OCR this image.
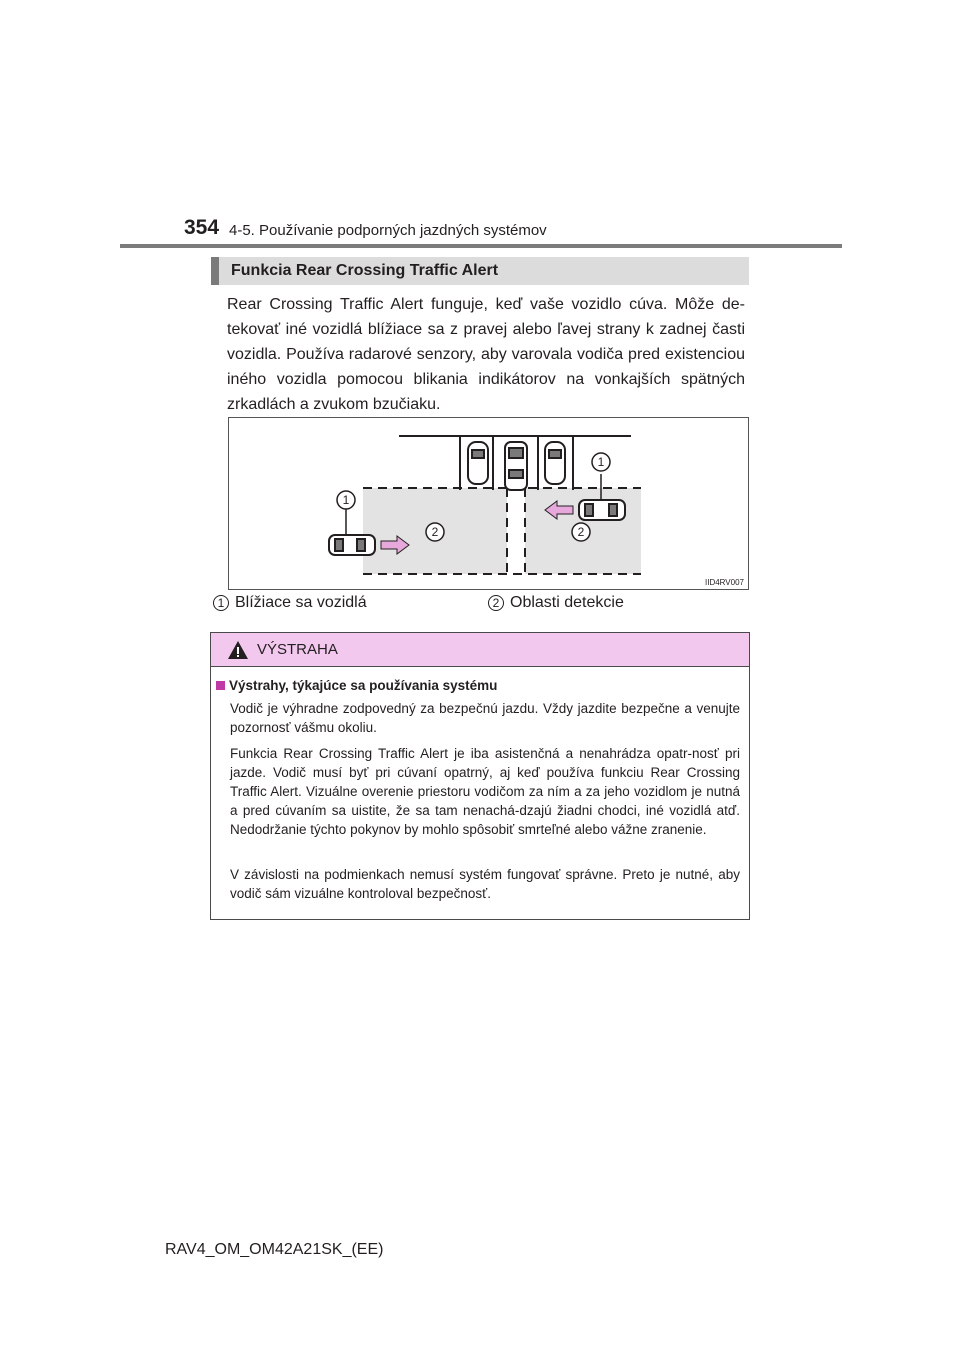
354 4-5. Používanie podporných jazdných systémov
Funkcia Rear Crossing Traffic Alert

Rear Crossing Traffic Alert funguje, keď vaše vozidlo cúva. Môže de-tekovať iné vozidlá blížiace sa z pravej alebo ľavej strany k zadnej časti vozidla. Používa radarové senzory, aby varovala vodiča pred existenciou iného vozidla pomocou blikania indikátorov na vonkajších spätných zrkadlách a zvukom bzučiaku.

1
1
2	2
IID4RV007
1 Blížiace sa vozidlá	2 Oblasti detekcie
VÝSTRAHA
Výstrahy, týkajúce sa používania systému

Vodič je výhradne zodpovedný za bezpečnú jazdu. Vždy jazdite bezpečne a venujte pozornosť vášmu okoliu.

Funkcia Rear Crossing Traffic Alert je iba asistenčná a nenahrádza opatr-nosť pri jazde. Vodič musí byť pri cúvaní opatrný, aj keď používa funkciu Rear Crossing Traffic Alert. Vizuálne overenie priestoru vodičom za ním a za jeho vozidlom je nutná a pred cúvaním sa uistite, že sa tam nenachá-dzajú žiadni chodci, iné vozidlá atď. Nedodržanie týchto pokynov by mohlo spôsobiť smrteľné alebo vážne zranenie.

V závislosti na podmienkach nemusí systém fungovať správne. Preto je nutné, aby vodič sám vizuálne kontroloval bezpečnosť.

RAV4_OM_OM42A21SK_(EE)
